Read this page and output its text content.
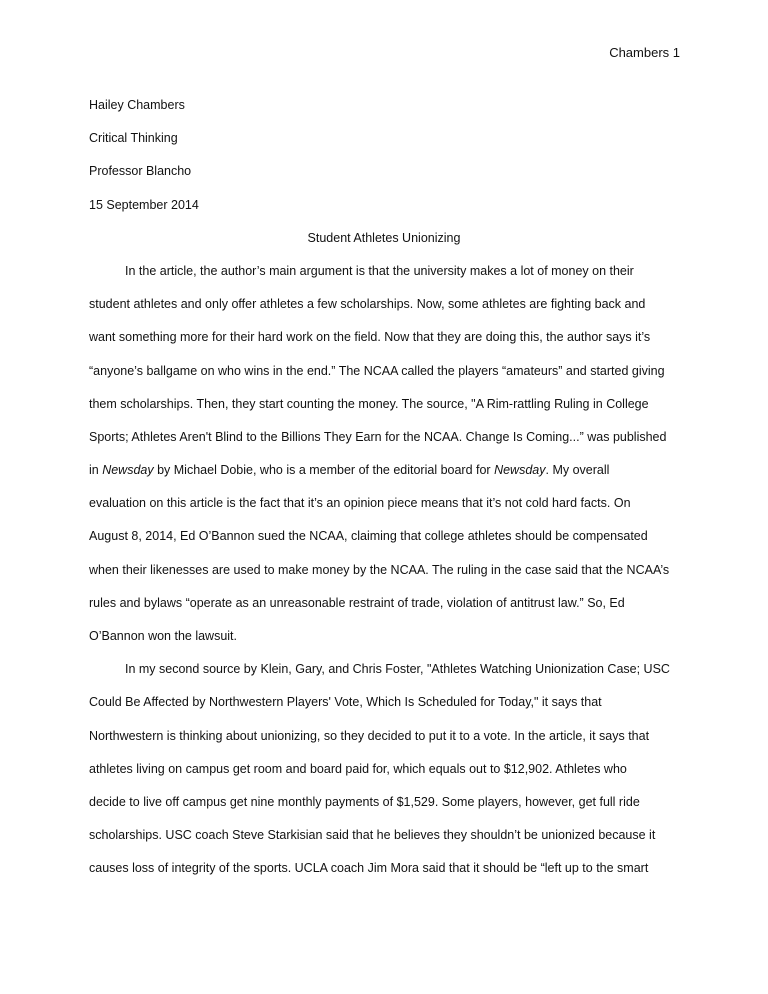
Chambers 1
Hailey Chambers
Critical Thinking
Professor Blancho
15 September 2014
Student Athletes Unionizing
In the article, the author’s main argument is that the university makes a lot of money on their
student athletes and only offer athletes a few scholarships. Now, some athletes are fighting back and
want something more for their hard work on the field. Now that they are doing this, the author says it’s
“anyone’s ballgame on who wins in the end.” The NCAA called the players “amateurs” and started giving
them scholarships. Then, they start counting the money. The source, "A Rim-rattling Ruling in College
Sports; Athletes Aren't Blind to the Billions They Earn for the NCAA. Change Is Coming...” was published
in Newsday by Michael Dobie, who is a member of the editorial board for Newsday. My overall
evaluation on this article is the fact that it’s an opinion piece means that it’s not cold hard facts. On
August 8, 2014, Ed O’Bannon sued the NCAA, claiming that college athletes should be compensated
when their likenesses are used to make money by the NCAA. The ruling in the case said that the NCAA’s
rules and bylaws “operate as an unreasonable restraint of trade, violation of antitrust law.” So, Ed
O’Bannon won the lawsuit.
In my second source by Klein, Gary, and Chris Foster, "Athletes Watching Unionization Case; USC
Could Be Affected by Northwestern Players' Vote, Which Is Scheduled for Today," it says that
Northwestern is thinking about unionizing, so they decided to put it to a vote. In the article, it says that
athletes living on campus get room and board paid for, which equals out to $12,902. Athletes who
decide to live off campus get nine monthly payments of $1,529. Some players, however, get full ride
scholarships. USC coach Steve Starkisian said that he believes they shouldn’t be unionized because it
causes loss of integrity of the sports. UCLA coach Jim Mora said that it should be “left up to the smart
